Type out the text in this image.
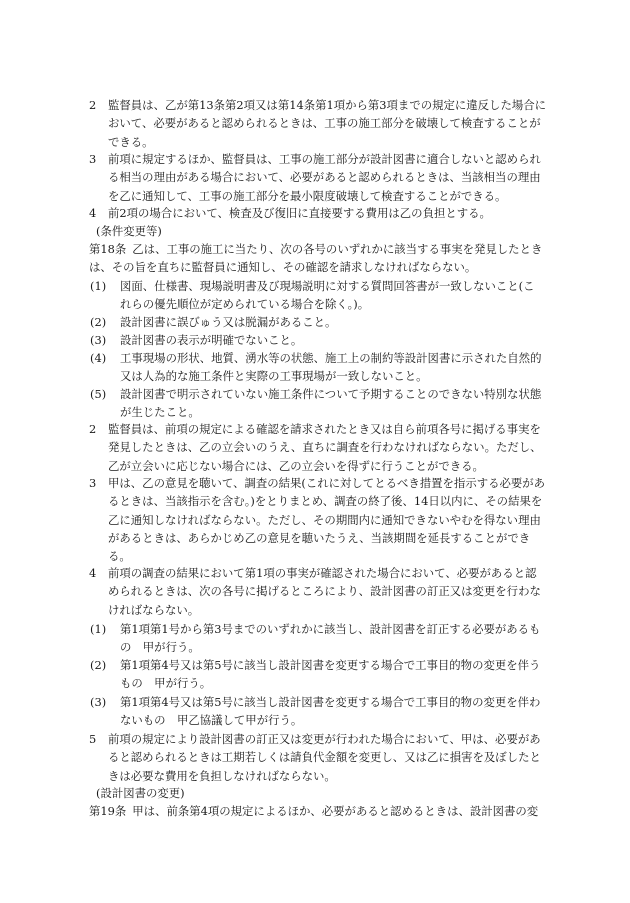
2 監督員は、乙が第13条第2項又は第14条第1項から第3項までの規定に違反した場合において、必要があると認められるときは、工事の施工部分を破壊して検査することができる。

3 前項に規定するほか、監督員は、工事の施工部分が設計図書に適合しないと認められる相当の理由がある場合において、必要があると認められるときは、当該相当の理由を乙に通知して、工事の施工部分を最小限度破壊して検査することができる。

4 前2項の場合において、検査及び復旧に直接要する費用は乙の負担とする。

(条件変更等)

第18条 乙は、工事の施工に当たり、次の各号のいずれかに該当する事実を発見したときは、その旨を直ちに監督員に通知し、その確認を請求しなければならない。

(1) 図面、仕様書、現場説明書及び現場説明に対する質問回答書が一致しないこと(これらの優先順位が定められている場合を除く。)。

(2) 設計図書に誤びゅう又は脱漏があること。

(3) 設計図書の表示が明確でないこと。

(4) 工事現場の形状、地質、湧水等の状態、施工上の制約等設計図書に示された自然的又は人為的な施工条件と実際の工事現場が一致しないこと。

(5) 設計図書で明示されていない施工条件について予期することのできない特別な状態が生じたこと。

2 監督員は、前項の規定による確認を請求されたとき又は自ら前項各号に掲げる事実を発見したときは、乙の立会いのうえ、直ちに調査を行わなければならない。ただし、乙が立会いに応じない場合には、乙の立会いを得ずに行うことができる。

3 甲は、乙の意見を聴いて、調査の結果(これに対してとるべき措置を指示する必要があるときは、当該指示を含む。)をとりまとめ、調査の終了後、14日以内に、その結果を乙に通知しなければならない。ただし、その期間内に通知できないやむを得ない理由があるときは、あらかじめ乙の意見を聴いたうえ、当該期間を延長することができる。

4 前項の調査の結果において第1項の事実が確認された場合において、必要があると認められるときは、次の各号に掲げるところにより、設計図書の訂正又は変更を行わなければならない。

(1) 第1項第1号から第3号までのいずれかに該当し、設計図書を訂正する必要があるもの　甲が行う。

(2) 第1項第4号又は第5号に該当し設計図書を変更する場合で工事目的物の変更を伴うもの　甲が行う。

(3) 第1項第4号又は第5号に該当し設計図書を変更する場合で工事目的物の変更を伴わないもの　甲乙協議して甲が行う。

5 前項の規定により設計図書の訂正又は変更が行われた場合において、甲は、必要があると認められるときは工期若しくは請負代金額を変更し、又は乙に損害を及ぼしたときは必要な費用を負担しなければならない。

(設計図書の変更)

第19条 甲は、前条第4項の規定によるほか、必要があると認めるときは、設計図書の変
